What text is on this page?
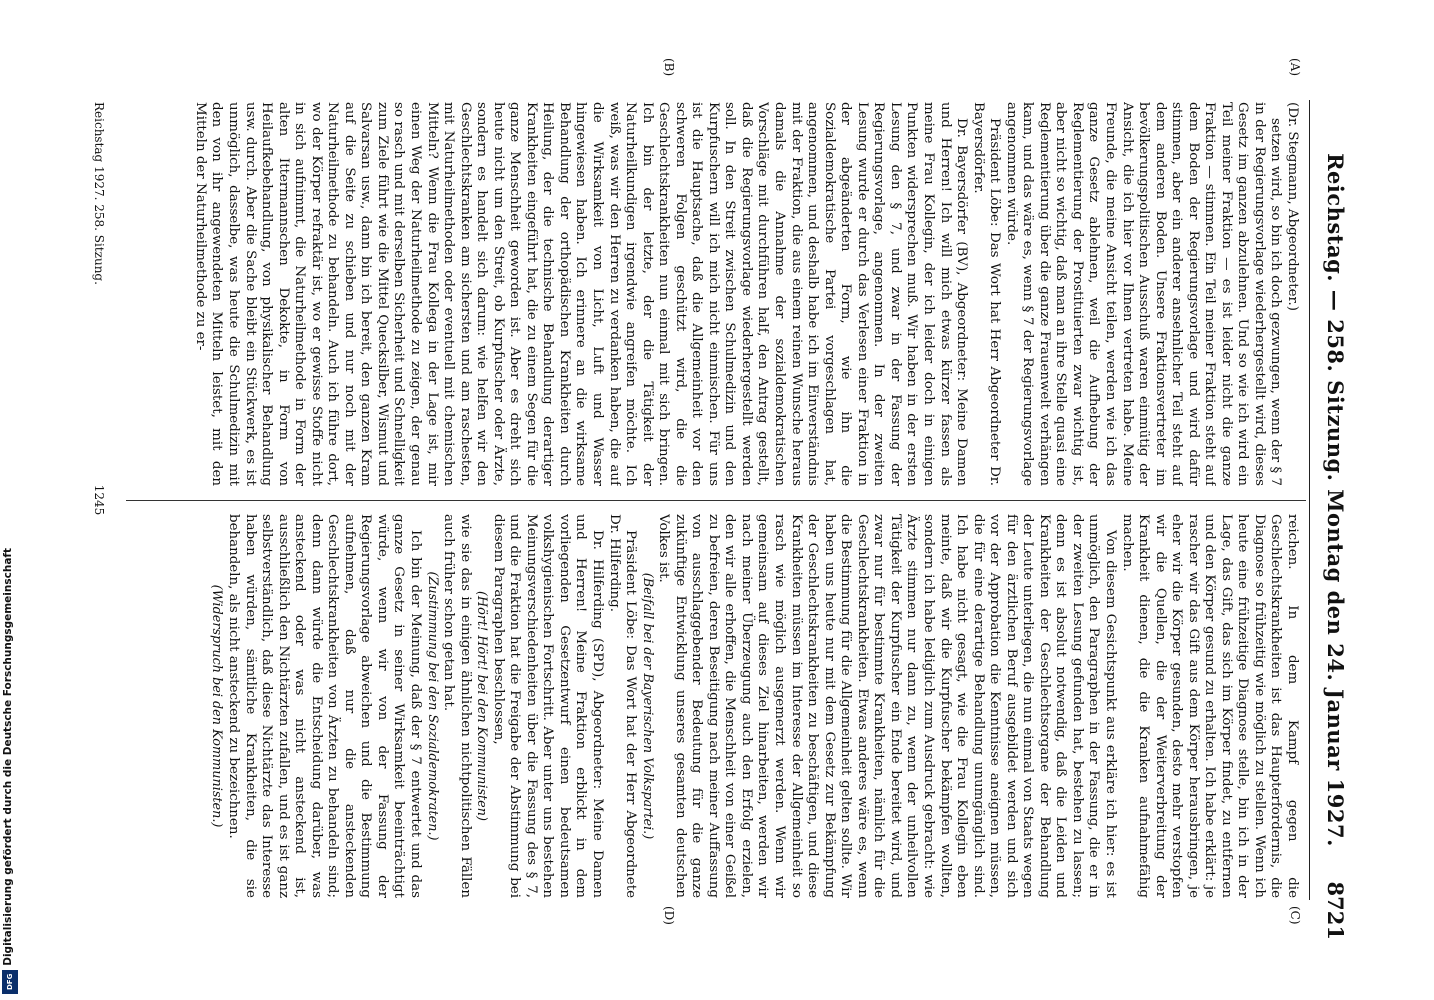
Reichstag. — 258. Sitzung. Montag den 24. Januar 1927.
8721
(A)
(B)
(C)
(D)

(Dr. Stegmann, Abgeordneter.)

setzen wird, so bin ich doch gezwungen, wenn der § 7 in der Regierungsvorlage wiederhergestellt wird, dieses Gesetz im ganzen abzulehnen. Und so wie ich wird ein Teil meiner Fraktion — es ist leider nicht die ganze Fraktion — stimmen. Ein Teil meiner Fraktion steht auf dem Boden der Regierungsvorlage und wird dafür stimmen, aber ein anderer ansehnlicher Teil steht auf dem anderen Boden. Unsere Fraktionsvertreter im bevölkerungspolitischen Ausschuß waren einmütig der Ansicht, die ich hier vor Ihnen vertreten habe. Meine Freunde, die meine Ansicht teilen, werden wie ich das ganze Gesetz ablehnen, weil die Aufhebung der Reglementierung der Prostituierten zwar wichtig ist, aber nicht so wichtig, daß man an ihre Stelle quasi eine Reglementierung über die ganze Frauenwelt verhängen kann, und das wäre es, wenn § 7 der Regierungsvorlage angenommen würde.

Präsident Löbe: Das Wort hat Herr Abgeordneter Dr. Bayersdörfer.

Dr. Bayersdörfer (BV), Abgeordneter: Meine Damen und Herren! Ich will mich etwas kürzer fassen als meine Frau Kollegin, der ich leider doch in einigen Punkten widersprechen muß. Wir haben in der ersten Lesung den § 7, und zwar in der Fassung der Regierungsvorlage, angenommen. In der zweiten Lesung wurde er durch das Verlesen einer Fraktion in der abgeänderten Form, wie ihn die Sozialdemokratische Partei vorgeschlagen hat, angenommen, und deshalb habe ich im Einverständnis mit der Fraktion, die aus einem reinen Wunsche heraus damals die Annahme der sozialdemokratischen Vorschläge mit durchführen half, den Antrag gestellt, daß die Regierungsvorlage wiederhergestellt werden soll. In den Streit zwischen Schulmedizin und den Kurpfuschern will ich mich nicht einmischen. Für uns ist die Hauptsache, daß die Allgemeinheit vor den schweren Folgen geschützt wird, die die Geschlechtskrankheiten nun einmal mit sich bringen. Ich bin der letzte, der die Tätigkeit der Naturheilkundigen irgendwie angreifen möchte. Ich weiß, was wir den Herren zu verdanken haben, die auf die Wirksamkeit von Licht, Luft und Wasser hingewiesen haben. Ich erinnere an die wirksame Behandlung der orthopädischen Krankheiten durch Heilung, der die technische Behandlung derartiger Krankheiten eingeführt hat, die zu einem Segen für die ganze Menschheit geworden ist. Aber es dreht sich heute nicht um den Streit, ob Kurpfuscher oder Ärzte, sondern es handelt sich darum: wie helfen wir den Geschlechtskranken am sichersten und am raschesten, mit Naturheilmethoden oder eventuell mit chemischen Mitteln? Wenn die Frau Kollega in der Lage ist, mir einen Weg der Naturheilmethode zu zeigen, der genau so rasch und mit derselben Sicherheit und Schnelligkeit zum Ziele führt wie die Mittel Quecksilber, Wismut und Salvarsan usw., dann bin ich bereit, den ganzen Kram auf die Seite zu schieben und nur noch mit der Naturheilmethode zu behandeln. Auch ich führe dort, wo der Körper refraktär ist, wo er gewisse Stoffe nicht in sich aufnimmt, die Naturheilmethode in Form der alten Ittermannschen Dekokte, in Form von Heilaufkebehandlung, von physikalischer Behandlung usw. durch. Aber die Sache bleibt ein Stückwerk, es ist unmöglich, dasselbe, was heute die Schulmedizin mit den von ihr angewendeten Mitteln leistet, mit den Mitteln der Naturheilmethode zu er-

reichen. In dem Kampf gegen die Geschlechtskrankheiten ist das Haupterfordernis, die Diagnose so frühzeitig wie möglich zu stellen. Wenn ich heute eine frühzeitige Diagnose stelle, bin ich in der Lage, das Gift, das sich im Körper findet, zu entfernen und den Körper gesund zu erhalten. Ich habe erklärt: je rascher wir das Gift aus dem Körper herausbringen, je eher wir die Körper gesunden, desto mehr verstopfen wir die Quellen, die der Weiterverbreitung der Krankheit dienen, die die Kranken aufnahmefähig machen.

Von diesem Gesichtspunkt aus erkläre ich hier: es ist unmöglich, den Paragraphen in der Fassung, die er in der zweiten Lesung gefunden hat, bestehen zu lassen; denn es ist absolut notwendig, daß die Leiden und Krankheiten der Geschlechtsorgane der Behandlung der Leute unterliegen, die nun einmal von Staats wegen für den ärztlichen Beruf ausgebildet werden und sich vor der Approbation die Kenntnisse aneignen müssen, die für eine derartige Behandlung unumgänglich sind. Ich habe nicht gesagt, wie die Frau Kollegin eben meinte, daß wir die Kurpfuscher bekämpfen wollten, sondern ich habe lediglich zum Ausdruck gebracht: wie Ärzte stimmen nur dann zu, wenn der unheilvollen Tätigkeit der Kurpfuscher ein Ende bereitet wird, und zwar nur für bestimmte Krankheiten, nämlich für die Geschlechtskrankheiten. Etwas anderes wäre es, wenn die Bestimmung für die Allgemeinheit gelten sollte. Wir haben uns heute nur mit dem Gesetz zur Bekämpfung der Geschlechtskrankheiten zu beschäftigen, und diese Krankheiten müssen im Interesse der Allgemeinheit so rasch wie möglich ausgemerzt werden. Wenn wir gemeinsam auf dieses Ziel hinarbeiten, werden wir nach meiner Überzeugung auch den Erfolg erzielen, den wir alle erhoffen, die Menschheit von einer Geißel zu befreien, deren Beseitigung nach meiner Auffassung von ausschlaggebender Bedeutung für die ganze zukünftige Entwicklung unseres gesamten deutschen Volkes ist.

(Beifall bei der Bayerischen Volkspartei.)

Präsident Löbe: Das Wort hat der Herr Abgeordnete Dr. Hilferding.

Dr. Hilferding (SPD), Abgeordneter: Meine Damen und Herren! Meine Fraktion erblickt in dem vorliegenden Gesetzentwurf einen bedeutsamen volkshygienischen Fortschritt. Aber unter uns bestehen Meinungsverschiedenheiten über die Fassung des § 7, und die Fraktion hat die Freigabe der Abstimmung bei diesem Paragraphen beschlossen,

(Hört! Hört! bei den Kommunisten)

wie sie das in einigen ähnlichen nichtpolitischen Fällen auch früher schon getan hat.

(Zustimmung bei den Sozialdemokraten.)

Ich bin der Meinung, daß der § 7 entwertet und das ganze Gesetz in seiner Wirksamkeit beeinträchtigt würde, wenn wir von der Fassung der Regierungsvorlage abweichen und die Bestimmung aufnehmen, daß nur die ansteckenden Geschlechtskrankheiten von Ärzten zu behandeln sind; denn dann würde die Entscheidung darüber, was ansteckend oder was nicht ansteckend ist, ausschließlich den Nichtärzten zufallen, und es ist ganz selbstverständlich, daß diese Nichtärzte das Interesse haben würden, sämtliche Krankheiten, die sie behandeln, als nicht ansteckend zu bezeichnen.

(Widerspruch bei den Kommunisten.)

Reichstag 1927. 258. Sitzung.
1245
Digitalisierung gefördert durch die Deutsche Forschungsgemeinschaft
DFG
